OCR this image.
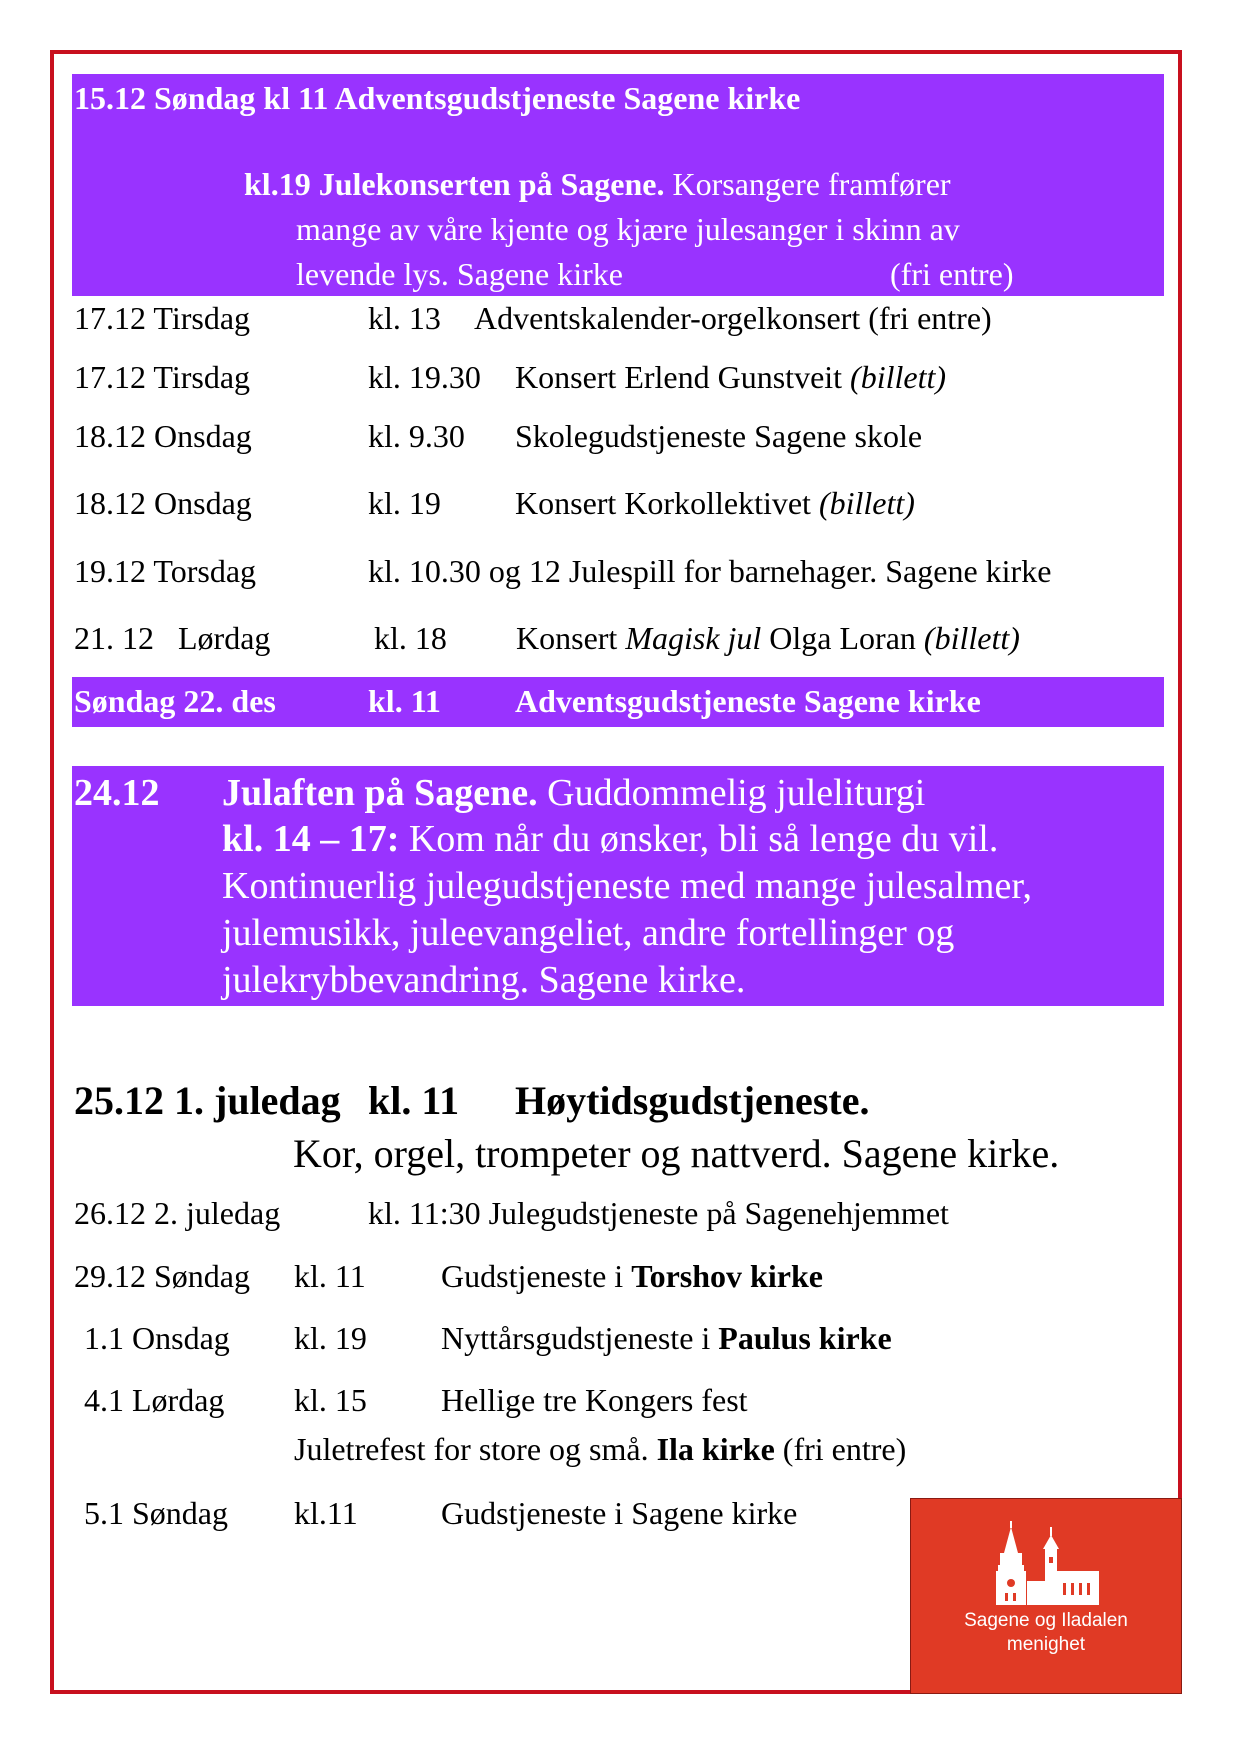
15.12 Søndag kl 11 Adventsgudstjeneste Sagene kirke
kl.19 Julekonserten på Sagene. Korsangere framfører
mange av våre kjente og kjære julesanger i skinn av
levende lys. Sagene kirke	(fri entre)
17.12 Tirsdag	kl. 13 Adventskalender-orgelkonsert (fri entre)
17.12 Tirsdag	kl. 19.30 Konsert Erlend Gunstveit (billett)
18.12 Onsdag	kl. 9.30 Skolegudstjeneste Sagene skole
18.12 Onsdag	kl. 19 Konsert Korkollektivet (billett)
19.12 Torsdag	kl. 10.30 og 12 Julespill for barnehager. Sagene kirke
21. 12   Lørdag	kl. 18 Konsert Magisk jul Olga Loran (billett)
Søndag 22. des	kl. 11 Adventsgudstjeneste Sagene kirke
24.12 Julaften på Sagene. Guddommelig juleliturgi
kl. 14 – 17: Kom når du ønsker, bli så lenge du vil.
Kontinuerlig julegudstjeneste med mange julesalmer,
julemusikk, juleevangeliet, andre fortellinger og
julekrybbevandring. Sagene kirke.
25.12 1. juledag kl. 11 Høytidsgudstjeneste.
Kor, orgel, trompeter og nattverd. Sagene kirke.
26.12 2. juledag	kl. 11:30 Julegudstjeneste på Sagenehjemmet
29.12 Søndag kl. 11 Gudstjeneste i Torshov kirke
1.1 Onsdag kl. 19 Nyttårsgudstjeneste i Paulus kirke
4.1 Lørdag kl. 15 Hellige tre Kongers fest
Juletrefest for store og små. Ila kirke (fri entre)
5.1 Søndag kl.11	Gudstjeneste i Sagene kirke
Sagene og Iladalen
menighet
